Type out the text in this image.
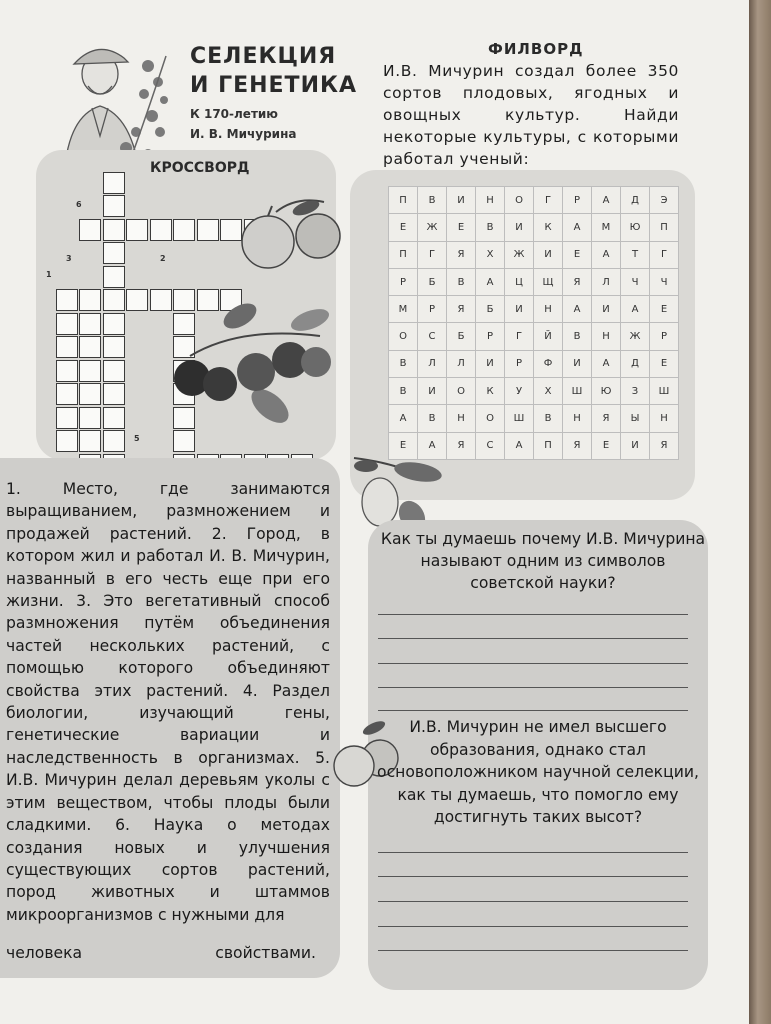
СЕЛЕКЦИЯ
И ГЕНЕТИКА
К 170-летию
И. В. Мичурина
КРОССВОРД
6
3	2
1
5
1. Место, где занимаются выращиванием, размножением и продажей растений. 2. Город, в котором жил и работал И. В. Мичурин, названный в его честь еще при его жизни. 3. Это вегетативный способ размножения путём объединения частей нескольких растений, с помощью которого объединяют свойства этих растений. 4. Раздел биологии, изучающий гены, генетические вариации и наследственность в организмах. 5. И.В. Мичурин делал деревьям уколы с этим веществом, чтобы плоды были сладкими. 6. Наука о методах создания новых и улучшения существующих сортов растений, пород животных и штаммов микроорганизмов с нужными для
человека	свойствами.
ФИЛВОРД
И.В. Мичурин создал более 350 сортов плодовых, ягодных и овощных культур. Найди некоторые культуры, с которыми работал ученый:
П	В	И	Н	О	Г	Р	А	Д	Э
Е	Ж	Е	В	И	К	А	М	Ю	П
П	Г	Я	Х	Ж	И	Е	А	Т	Г
Р	Б	В	А	Ц	Щ	Я	Л	Ч	Ч
М	Р	Я	Б	И	Н	А	И	А	Е
О	С	Б	Р	Г	Й	В	Н	Ж	Р
В	Л	Л	И	Р	Ф	И	А	Д	Е
В	И	О	К	У	Х	Ш	Ю	З	Ш
А	В	Н	О	Ш	В	Н	Я	Ы	Н
Е	А	Я	С	А	П	Я	Е	И	Я
Как ты думаешь почему И.В. Мичурина называют одним из символов советской науки?
И.В. Мичурин не имел высшего образования, однако стал основоположником научной селекции, как ты думаешь, что помогло ему достигнуть таких высот?
